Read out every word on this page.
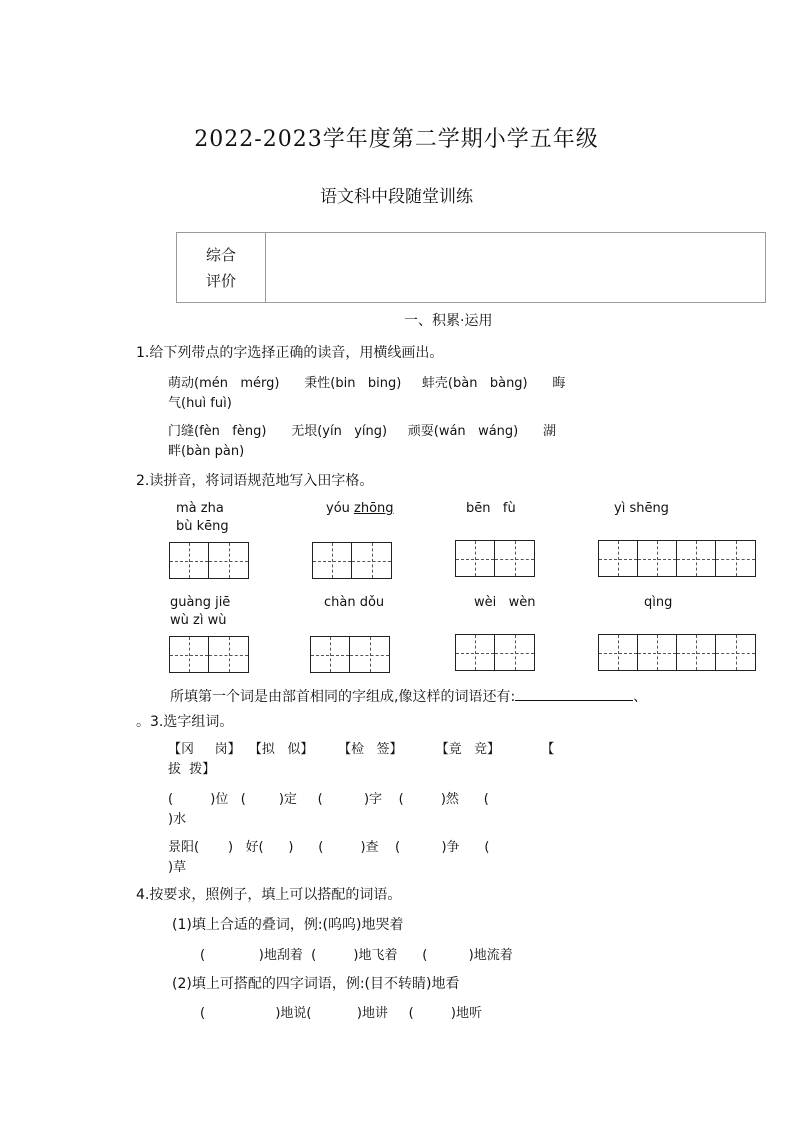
2022-2023学年度第二学期小学五年级
语文科中段随堂训练
综合
评价
一、积累·运用
1.给下列带点的字选择正确的读音，用横线画出。
萌动(mén   mérg)      秉性(bin   bing)     蚌壳(bàn   bàng)      晦
气(huì fuì)
门缝(fèn   fèng)      无垠(yín   yíng)     顽耍(wán   wáng)      湖
畔(bàn pàn)
2.读拼音，将词语规范地写入田字格。
mà zha	yóu zhōng	bēn   fù	yì shēng
bù kēng
guàng jiē	chàn dǒu	wèi   wèn	qìng
wù zì wù
所填第一个词是由部首相同的字组成,像这样的词语还有:	、
。3.选字组词。
【冈     岗】  【拟   似】      【检   签】        【竟   竞】          【
拔  拨】
(         )位   (        )定     (          )字    (         )然      (
)水
景阳(       )   好(      )      (         )查    (          )争      (
)草
4.按要求，照例子，填上可以搭配的词语。
(1)填上合适的叠词，例:(呜呜)地哭着
(             )地刮着  (         )地飞着      (          )地流着
(2)填上可搭配的四字词语，例:(目不转睛)地看
(                 )地说(           )地讲     (         )地听
